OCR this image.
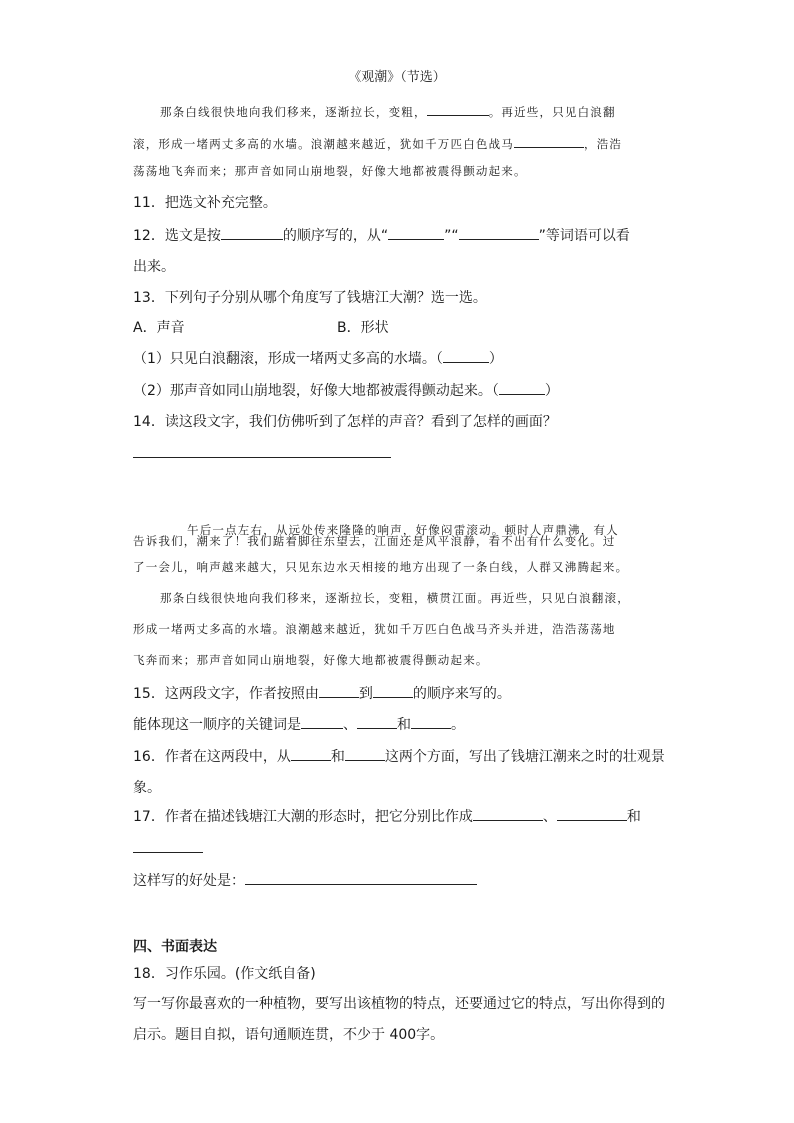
《观潮》（节选）
那条白线很快地向我们移来，逐渐拉长，变粗，	。再近些，只见白浪翻
滚，形成一堵两丈多高的水墙。浪潮越来越近，犹如千万匹白色战马	，浩浩
荡荡地飞奔而来；那声音如同山崩地裂，好像大地都被震得颤动起来。
11．把选文补充完整。
12．选文是按	的顺序写的，从“	”“	”等词语可以看
出来。
13．下列句子分别从哪个角度写了钱塘江大潮？选一选。
A．声音	B．形状
（1）只见白浪翻滚，形成一堵两丈多高的水墙。（	）
（2）那声音如同山崩地裂，好像大地都被震得颤动起来。（	）
14．读这段文字，我们仿佛听到了怎样的声音？看到了怎样的画面？
午后一点左右，从远处传来隆隆的响声，好像闷雷滚动。顿时人声鼎沸，有人
告诉我们，潮来了！我们踮着脚往东望去，江面还是风平浪静，看不出有什么变化。过
了一会儿，响声越来越大，只见东边水天相接的地方出现了一条白线，人群又沸腾起来。
那条白线很快地向我们移来，逐渐拉长，变粗，横贯江面。再近些，只见白浪翻滚，
形成一堵两丈多高的水墙。浪潮越来越近，犹如千万匹白色战马齐头并进，浩浩荡荡地
飞奔而来；那声音如同山崩地裂，好像大地都被震得颤动起来。
15．这两段文字，作者按照由	到	的顺序来写的。
能体现这一顺序的关键词是	、	和	。
16．作者在这两段中，从	和	这两个方面，写出了钱塘江潮来之时的壮观景
象。
17．作者在描述钱塘江大潮的形态时，把它分别比作成	、	和
这样写的好处是：
四、书面表达
18．习作乐园。(作文纸自备)
写一写你最喜欢的一种植物，要写出该植物的特点，还要通过它的特点，写出你得到的
启示。题目自拟，语句通顺连贯，不少于 400字。
